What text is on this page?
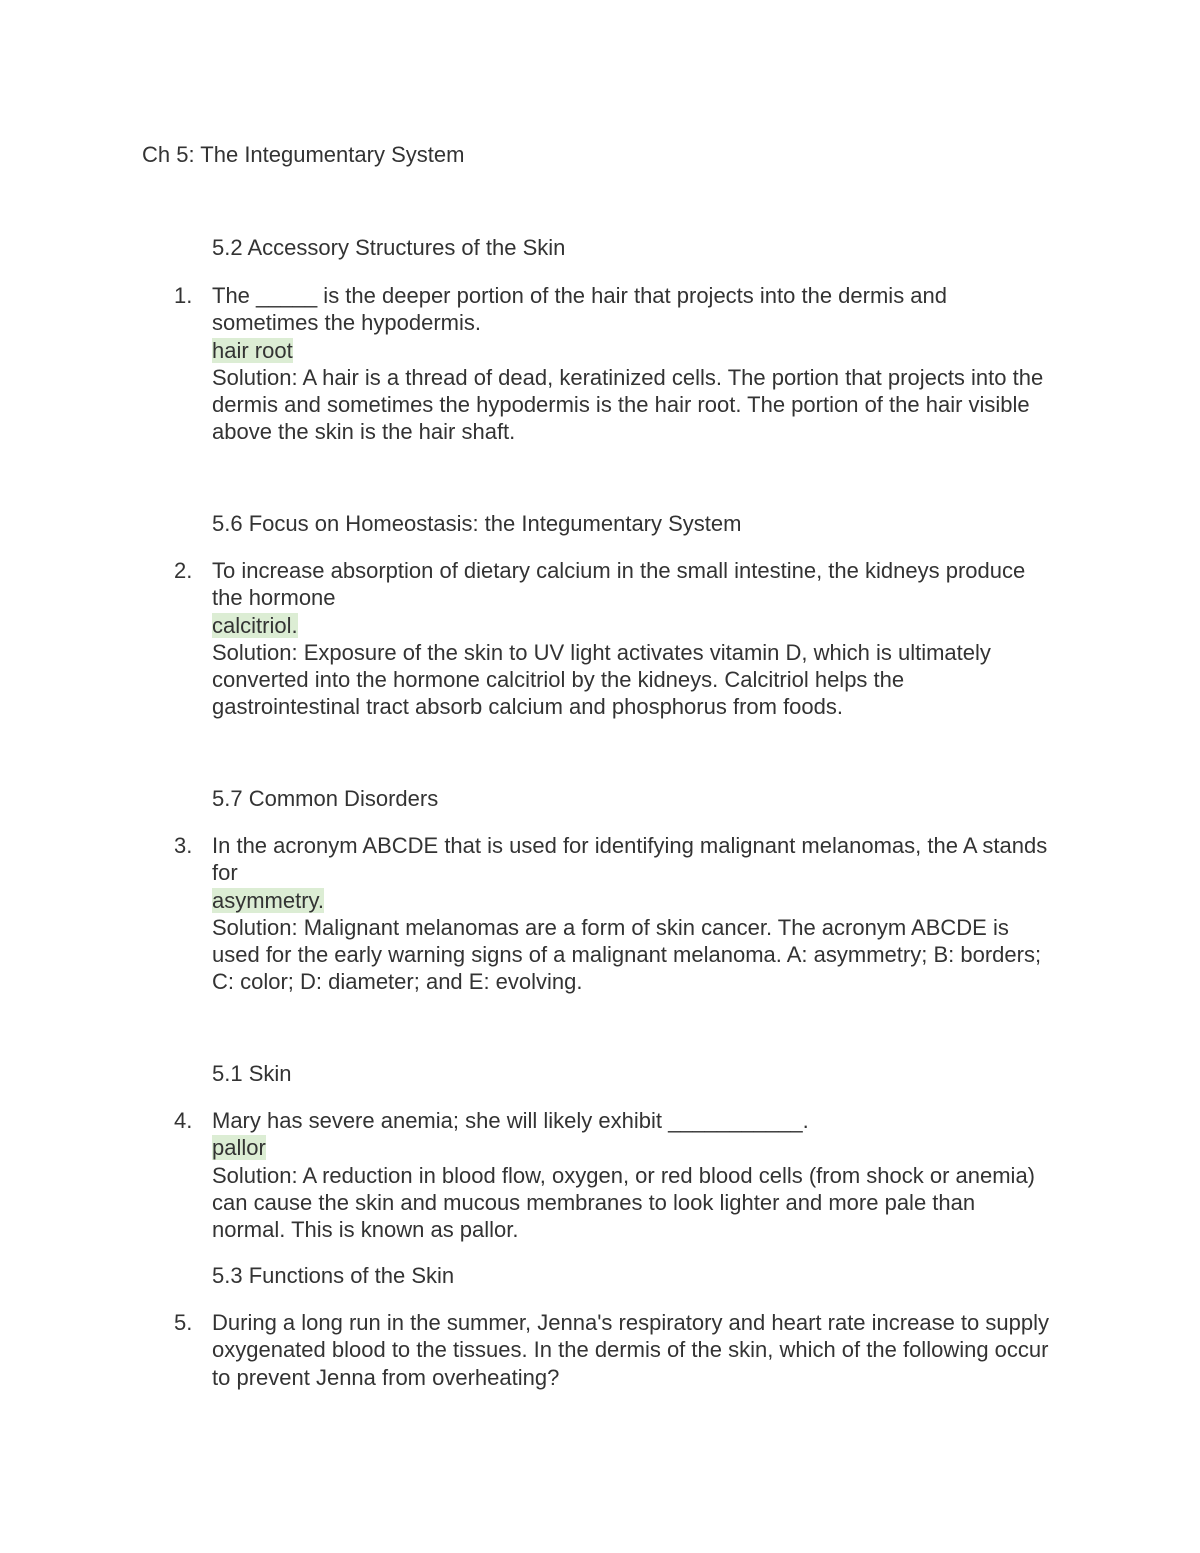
Ch 5: The Integumentary System
5.2 Accessory Structures of the Skin
1. The _____ is the deeper portion of the hair that projects into the dermis and sometimes the hypodermis.
hair root
Solution: A hair is a thread of dead, keratinized cells. The portion that projects into the dermis and sometimes the hypodermis is the hair root. The portion of the hair visible above the skin is the hair shaft.
5.6 Focus on Homeostasis: the Integumentary System
2. To increase absorption of dietary calcium in the small intestine, the kidneys produce the hormone
calcitriol.
Solution: Exposure of the skin to UV light activates vitamin D, which is ultimately converted into the hormone calcitriol by the kidneys. Calcitriol helps the gastrointestinal tract absorb calcium and phosphorus from foods.
5.7 Common Disorders
3. In the acronym ABCDE that is used for identifying malignant melanomas, the A stands for
asymmetry.
Solution: Malignant melanomas are a form of skin cancer. The acronym ABCDE is used for the early warning signs of a malignant melanoma. A: asymmetry; B: borders; C: color; D: diameter; and E: evolving.
5.1 Skin
4. Mary has severe anemia; she will likely exhibit ___________.
pallor
Solution: A reduction in blood flow, oxygen, or red blood cells (from shock or anemia) can cause the skin and mucous membranes to look lighter and more pale than normal. This is known as pallor.
5.3 Functions of the Skin
5. During a long run in the summer, Jenna's respiratory and heart rate increase to supply oxygenated blood to the tissues. In the dermis of the skin, which of the following occur to prevent Jenna from overheating?
